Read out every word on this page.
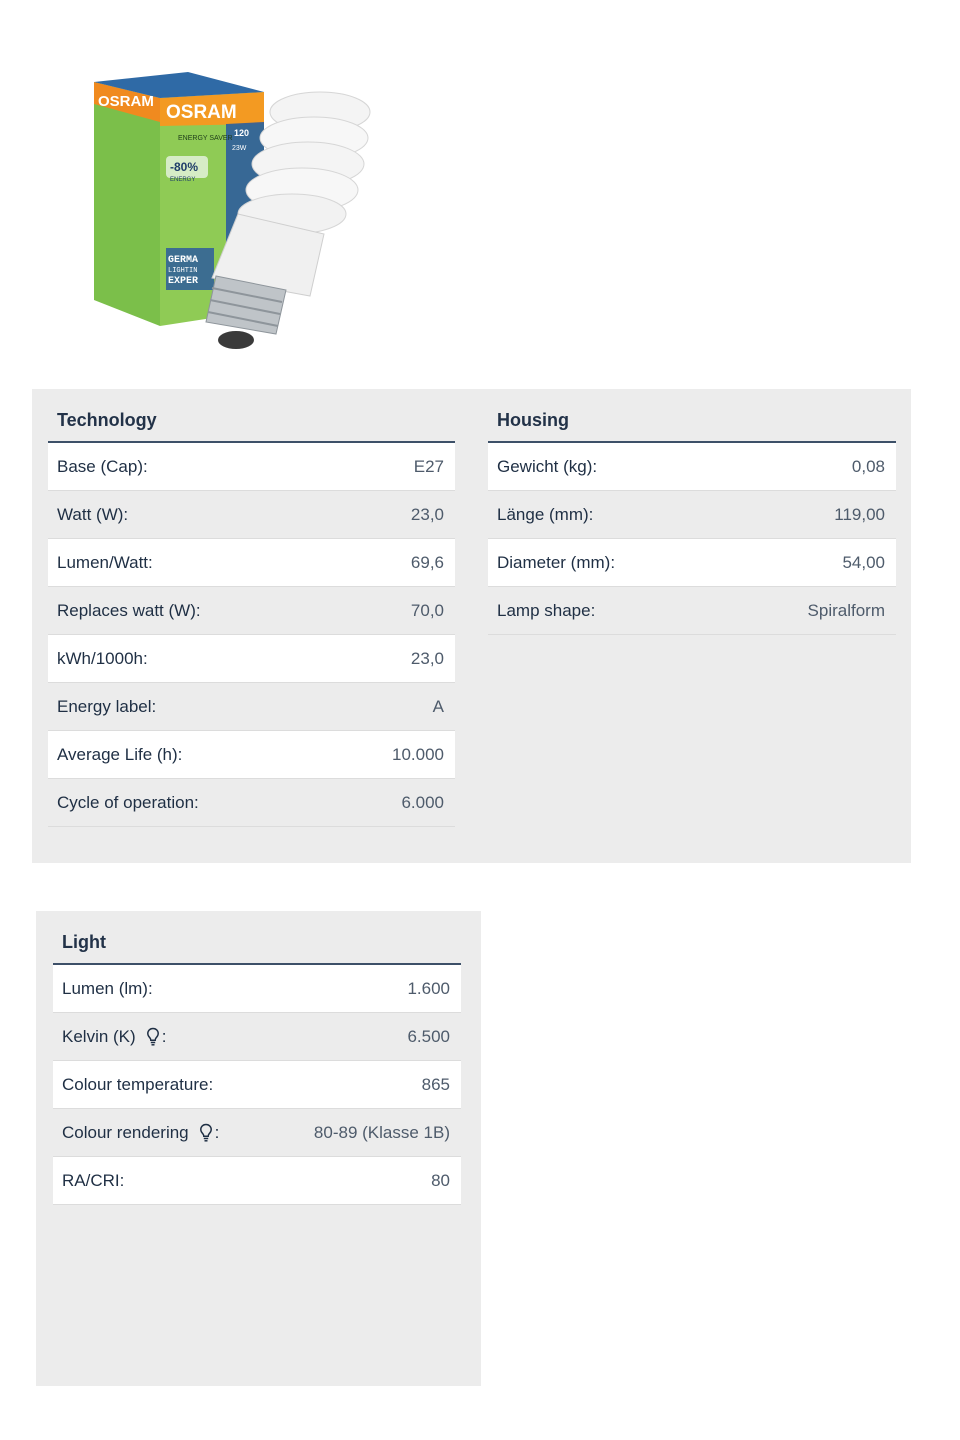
OSRAM
OSRAM
ENERGY SAVER
-80%
ENERGY
120
23W
GERMA
LIGHTIN
EXPER
Technology
Base (Cap):	E27
Watt (W):	23,0
Lumen/Watt:	69,6
Replaces watt (W):	70,0
kWh/1000h:	23,0
Energy label:	A
Average Life (h):	10.000
Cycle of operation:	6.000
Housing
Gewicht (kg):	0,08
Länge (mm):	119,00
Diameter (mm):	54,00
Lamp shape:	Spiralform
Light
Lumen (lm):	1.600
Kelvin (K) :	6.500
Colour temperature:	865
Colour rendering :	80-89 (Klasse 1B)
RA/CRI:	80
